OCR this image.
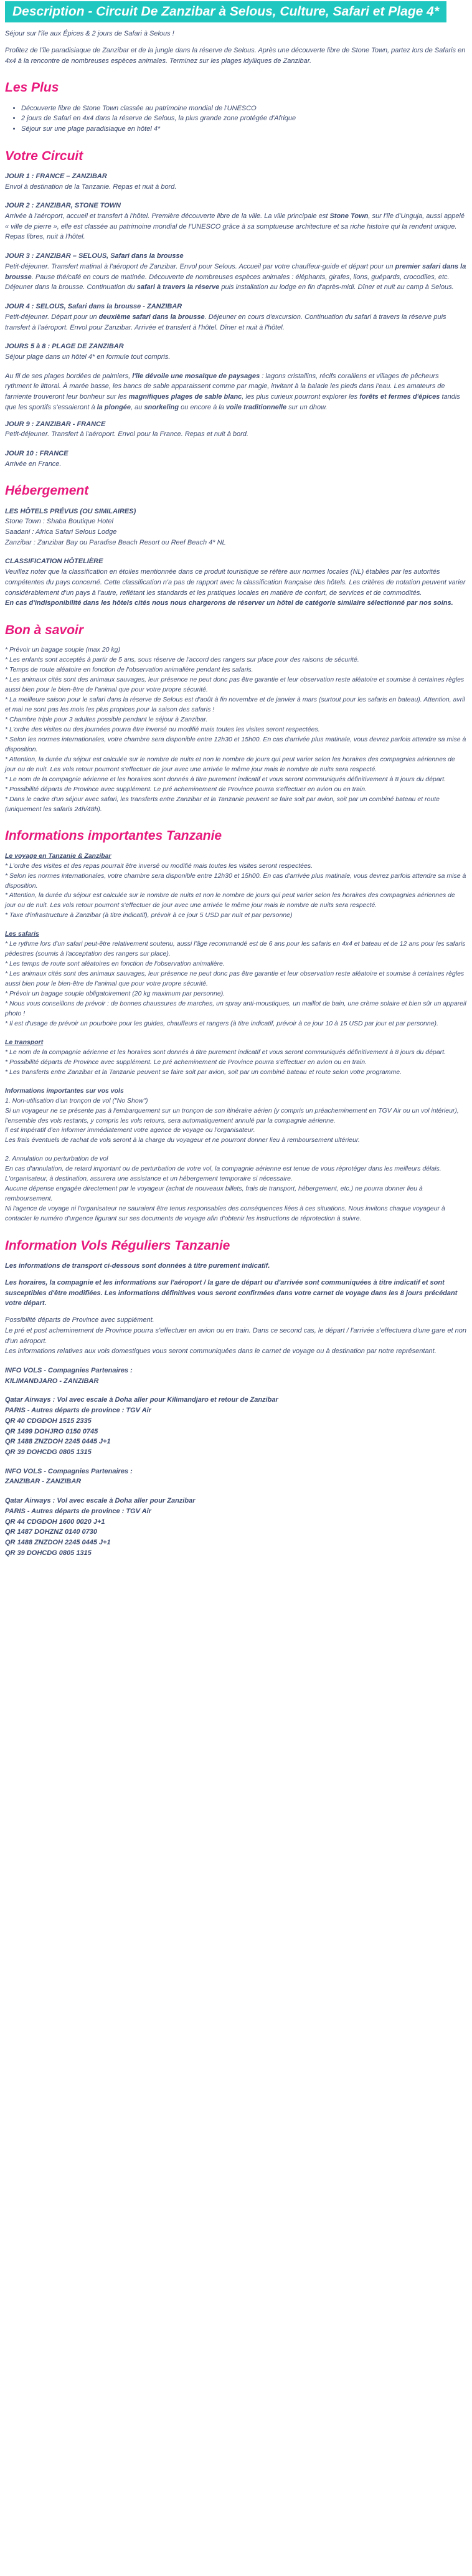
Description - Circuit De Zanzibar à Selous, Culture, Safari et Plage 4*

Séjour sur l'île aux Épices & 2 jours de Safari à Selous !

Profitez de l'île paradisiaque de Zanzibar et de la jungle dans la réserve de Selous. Après une découverte libre de Stone Town, partez lors de Safaris en 4x4 à la rencontre de nombreuses espèces animales. Terminez sur les plages idylliques de Zanzibar.

Les Plus
• Découverte libre de Stone Town classée au patrimoine mondial de l'UNESCO
• 2 jours de Safari en 4x4 dans la réserve de Selous, la plus grande zone protégée d'Afrique
• Séjour sur une plage paradisiaque en hôtel 4*
Votre Circuit
JOUR 1 : FRANCE – ZANZIBAR
Envol à destination de la Tanzanie. Repas et nuit à bord.
JOUR 2 : ZANZIBAR, STONE TOWN
Arrivée à l'aéroport, accueil et transfert à l'hôtel. Première découverte libre de la ville. La ville principale est Stone Town, sur l'île d'Unguja, aussi appelé « ville de pierre », elle est classée au patrimoine mondial de l'UNESCO grâce à sa somptueuse architecture et sa riche histoire qui la rendent unique. Repas libres, nuit à l'hôtel.
JOUR 3 : ZANZIBAR – SELOUS, Safari dans la brousse
Petit-déjeuner. Transfert matinal à l'aéroport de Zanzibar. Envol pour Selous. Accueil par votre chauffeur-guide et départ pour un premier safari dans la brousse. Pause thé/café en cours de matinée. Découverte de nombreuses espèces animales : éléphants, girafes, lions, guépards, crocodiles, etc. Déjeuner dans la brousse. Continuation du safari à travers la réserve puis installation au lodge en fin d'après-midi. Dîner et nuit au camp à Selous.
JOUR 4 : SELOUS, Safari dans la brousse - ZANZIBAR
Petit-déjeuner. Départ pour un deuxième safari dans la brousse. Déjeuner en cours d'excursion. Continuation du safari à travers la réserve puis transfert à l'aéroport. Envol pour Zanzibar. Arrivée et transfert à l'hôtel. Dîner et nuit à l'hôtel.
JOURS 5 à 8 : PLAGE DE ZANZIBAR
Séjour plage dans un hôtel 4* en formule tout compris.

Au fil de ses plages bordées de palmiers, l'île dévoile une mosaïque de paysages : lagons cristallins, récifs coralliens et villages de pêcheurs rythment le littoral. À marée basse, les bancs de sable apparaissent comme par magie, invitant à la balade les pieds dans l'eau. Les amateurs de farniente trouveront leur bonheur sur les magnifiques plages de sable blanc, les plus curieux pourront explorer les forêts et fermes d'épices tandis que les sportifs s'essaieront à la plongée, au snorkeling ou encore à la voile traditionnelle sur un dhow.

JOUR 9 : ZANZIBAR - FRANCE
Petit-déjeuner. Transfert à l'aéroport. Envol pour la France. Repas et nuit à bord.
JOUR 10 : FRANCE
Arrivée en France.
Hébergement
LES HÔTELS PRÉVUS (OU SIMILAIRES)
Stone Town : Shaba Boutique Hotel
Saadani : Africa Safari Selous Lodge
Zanzibar : Zanzibar Bay ou Paradise Beach Resort ou Reef Beach 4* NL
CLASSIFICATION HÔTELIÈRE
Veuillez noter que la classification en étoiles mentionnée dans ce produit touristique se réfère aux normes locales (NL) établies par les autorités compétentes du pays concerné. Cette classification n'a pas de rapport avec la classification française des hôtels. Les critères de notation peuvent varier considérablement d'un pays à l'autre, reflétant les standards et les pratiques locales en matière de confort, de services et de commodités.
En cas d'indisponibilité dans les hôtels cités nous nous chargerons de réserver un hôtel de catégorie similaire sélectionné par nos soins.
Bon à savoir
* Prévoir un bagage souple (max 20 kg)
* Les enfants sont acceptés à partir de 5 ans, sous réserve de l'accord des rangers sur place pour des raisons de sécurité.
* Temps de route aléatoire en fonction de l'observation animalière pendant les safaris.
* Les animaux cités sont des animaux sauvages, leur présence ne peut donc pas être garantie et leur observation reste aléatoire et soumise à certaines règles aussi bien pour le bien-être de l'animal que pour votre propre sécurité.
* La meilleure saison pour le safari dans la réserve de Selous est d'août à fin novembre et de janvier à mars (surtout pour les safaris en bateau). Attention, avril et mai ne sont pas les mois les plus propices pour la saison des safaris !
* Chambre triple pour 3 adultes possible pendant le séjour à Zanzibar.
* L'ordre des visites ou des journées pourra être inversé ou modifié mais toutes les visites seront respectées.
* Selon les normes internationales, votre chambre sera disponible entre 12h30 et 15h00. En cas d'arrivée plus matinale, vous devrez parfois attendre sa mise à disposition.
* Attention, la durée du séjour est calculée sur le nombre de nuits et non le nombre de jours qui peut varier selon les horaires des compagnies aériennes de jour ou de nuit. Les vols retour pourront s'effectuer de jour avec une arrivée le même jour mais le nombre de nuits sera respecté.
* Le nom de la compagnie aérienne et les horaires sont donnés à titre purement indicatif et vous seront communiqués définitivement à 8 jours du départ.
* Possibilité départs de Province avec supplément. Le pré acheminement de Province pourra s'effectuer en avion ou en train.
* Dans le cadre d'un séjour avec safari, les transferts entre Zanzibar et la Tanzanie peuvent se faire soit par avion, soit par un combiné bateau et route (uniquement les safaris 24h/48h).
Informations importantes Tanzanie
Le voyage en Tanzanie & Zanzibar
* L'ordre des visites et des repas pourrait être inversé ou modifié mais toutes les visites seront respectées.
* Selon les normes internationales, votre chambre sera disponible entre 12h30 et 15h00. En cas d'arrivée plus matinale, vous devrez parfois attendre sa mise à disposition.
* Attention, la durée du séjour est calculée sur le nombre de nuits et non le nombre de jours qui peut varier selon les horaires des compagnies aériennes de jour ou de nuit. Les vols retour pourront s'effectuer de jour avec une arrivée le même jour mais le nombre de nuits sera respecté.
* Taxe d'infrastructure à Zanzibar (à titre indicatif), prévoir à ce jour 5 USD par nuit et par personne)
Les safaris
* Le rythme lors d'un safari peut-être relativement soutenu, aussi l'âge recommandé est de 6 ans pour les safaris en 4x4 et bateau et de 12 ans pour les safaris pédestres (soumis à l'acceptation des rangers sur place).
* Les temps de route sont aléatoires en fonction de l'observation animalière.
* Les animaux cités sont des animaux sauvages, leur présence ne peut donc pas être garantie et leur observation reste aléatoire et soumise à certaines règles aussi bien pour le bien-être de l'animal que pour votre propre sécurité.
* Prévoir un bagage souple obligatoirement (20 kg maximum par personne).
* Nous vous conseillons de prévoir : de bonnes chaussures de marches, un spray anti-moustiques, un maillot de bain, une crème solaire et bien sûr un appareil photo !
* Il est d'usage de prévoir un pourboire pour les guides, chauffeurs et rangers (à titre indicatif, prévoir à ce jour 10 à 15 USD par jour et par personne).
Le transport
* Le nom de la compagnie aérienne et les horaires sont donnés à titre purement indicatif et vous seront communiqués définitivement à 8 jours du départ.
* Possibilité départs de Province avec supplément. Le pré acheminement de Province pourra s'effectuer en avion ou en train.
* Les transferts entre Zanzibar et la Tanzanie peuvent se faire soit par avion, soit par un combiné bateau et route selon votre programme.
Informations importantes sur vos vols
1. Non-utilisation d'un tronçon de vol ("No Show")
Si un voyageur ne se présente pas à l'embarquement sur un tronçon de son itinéraire aérien (y compris un préacheminement en TGV Air ou un vol intérieur), l'ensemble des vols restants, y compris les vols retours, sera automatiquement annulé par la compagnie aérienne.
Il est impératif d'en informer immédiatement votre agence de voyage ou l'organisateur.
Les frais éventuels de rachat de vols seront à la charge du voyageur et ne pourront donner lieu à remboursement ultérieur.
2. Annulation ou perturbation de vol
En cas d'annulation, de retard important ou de perturbation de votre vol, la compagnie aérienne est tenue de vous réprotéger dans les meilleurs délais.
L'organisateur, à destination, assurera une assistance et un hébergement temporaire si nécessaire.
Aucune dépense engagée directement par le voyageur (achat de nouveaux billets, frais de transport, hébergement, etc.) ne pourra donner lieu à remboursement.
Ni l'agence de voyage ni l'organisateur ne sauraient être tenus responsables des conséquences liées à ces situations. Nous invitons chaque voyageur à contacter le numéro d'urgence figurant sur ses documents de voyage afin d'obtenir les instructions de réprotection à suivre.
Information Vols Réguliers Tanzanie

Les informations de transport ci-dessous sont données à titre purement indicatif.

Les horaires, la compagnie et les informations sur l'aéroport / la gare de départ ou d'arrivée sont communiquées à titre indicatif et sont susceptibles d'être modifiées. Les informations définitives vous seront confirmées dans votre carnet de voyage dans les 8 jours précédant votre départ.

Possibilité départs de Province avec supplément.
Le pré et post acheminement de Province pourra s'effectuer en avion ou en train. Dans ce second cas, le départ / l'arrivée s'effectuera d'une gare et non d'un aéroport.
Les informations relatives aux vols domestiques vous seront communiquées dans le carnet de voyage ou à destination par notre représentant.
INFO VOLS - Compagnies Partenaires :
KILIMANDJARO - ZANZIBAR
Qatar Airways : Vol avec escale à Doha aller pour Kilimandjaro et retour de Zanzibar
PARIS - Autres départs de province : TGV Air
QR 40 CDGDOH 1515 2335
QR 1499 DOHJRO 0150 0745
QR 1488 ZNZDOH 2245 0445 J+1
QR 39 DOHCDG 0805 1315
INFO VOLS - Compagnies Partenaires :
ZANZIBAR - ZANZIBAR
Qatar Airways : Vol avec escale à Doha aller pour Zanzibar
PARIS - Autres départs de province : TGV Air
QR 44 CDGDOH 1600 0020 J+1
QR 1487 DOHZNZ 0140 0730
QR 1488 ZNZDOH 2245 0445 J+1
QR 39 DOHCDG 0805 1315
